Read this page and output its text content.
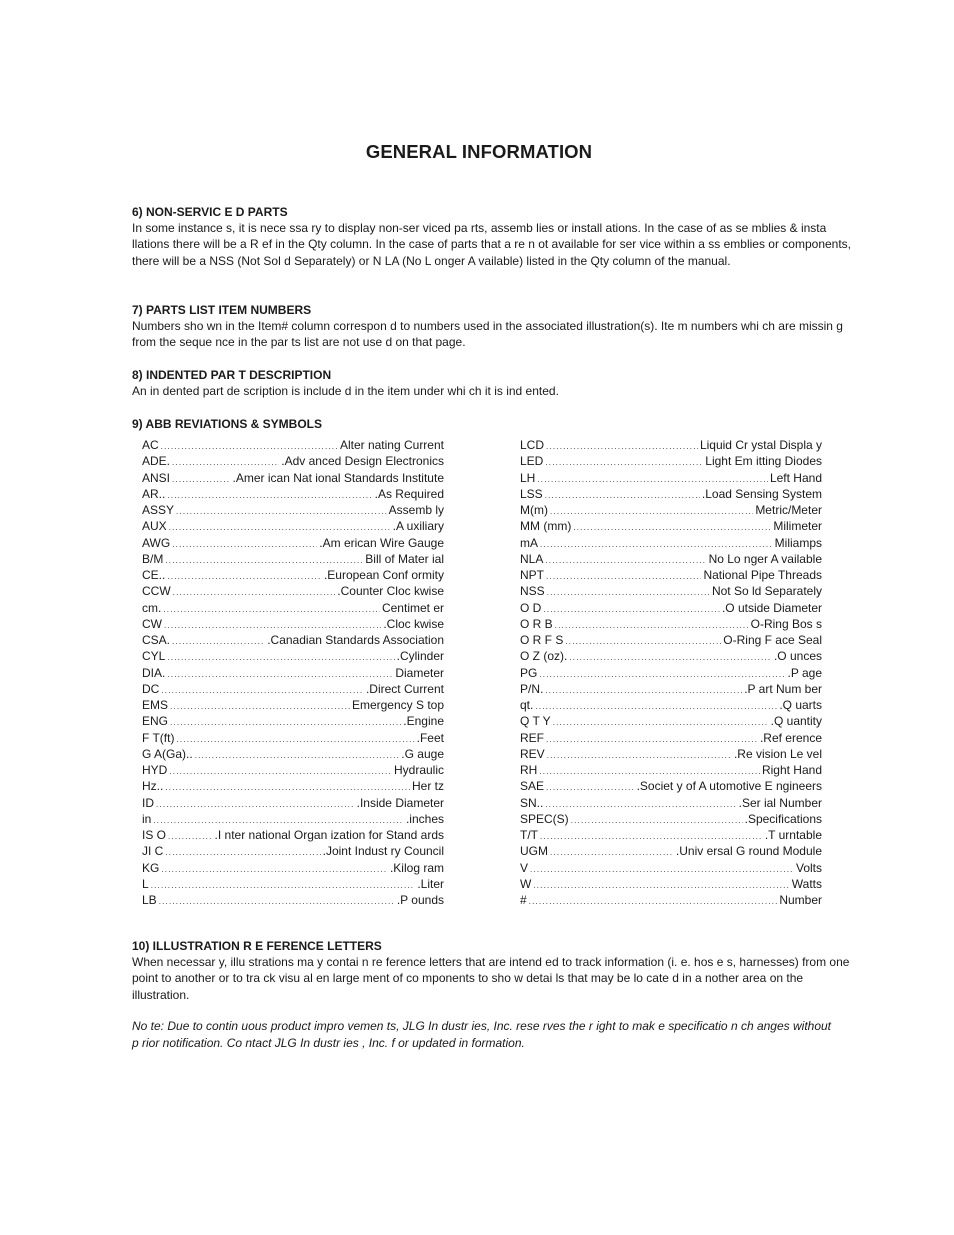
GENERAL INFORMATION
6) NON-SERVIC E D PARTS

In some instance s, it is nece ssa ry to display non-ser viced pa rts, assemb lies or install ations. In the case of as se mblies & insta llations there will be a R ef in the Qty column. In the case of parts that a re n ot available for ser vice within a ss emblies or components, there will be a NSS (Not Sol d Separately) or N LA (No L onger A vailable) listed in the Qty column of the manual.

7) PARTS LIST ITEM NUMBERS

Numbers sho wn in the Item# column correspon d to numbers used in the associated illustration(s). Ite m numbers whi ch are missin g from the seque nce in the par ts list are not use d on that page.

8) INDENTED PAR T DESCRIPTION

An in dented part de scription is include d in the item under whi ch it is ind ented.

9) ABB REVIATIONS & SYMBOLS
AC .....	Alter nating Current
ADE. .....	.Adv anced Design Electronics
ANSI .....	.Amer ican Nat ional Standards Institute
AR.. .....	.As Required
ASSY .....	Assemb ly
AUX .....	.A uxiliary
AWG .....	.Am erican Wire Gauge
B/M .....	Bill of Mater ial
CE.. .....	.European Conf ormity
CCW .....	.Counter Cloc kwise
cm. .....	Centimet er
CW .....	.Cloc kwise
CSA. .....	.Canadian Standards Association
CYL .....	.Cylinder
DIA. .....	Diameter
DC .....	.Direct Current
EMS .....	Emergency S top
ENG .....	.Engine
F T(ft) .....	.Feet
G A(Ga).. .....	.G auge
HYD .....	Hydraulic
Hz.. .....	Her tz
ID .....	.Inside Diameter
in .....	.inches
IS O .....	.I nter national Organ ization for Stand ards
JI C .....	.Joint Indust ry Council
KG .....	.Kilog ram
L .....	.Liter
LB .....	.P ounds
LCD .....	Liquid Cr ystal Displa y
LED .....	Light Em itting Diodes
LH .....	Left Hand
LSS .....	.Load Sensing System
M(m) .....	Metric/Meter
MM (mm) .....	Milimeter
mA .....	Miliamps
NLA .....	No Lo nger A vailable
NPT .....	National Pipe Threads
NSS .....	Not So ld Separately
O D .....	.O utside Diameter
O R B .....	O-Ring Bos s
O R F S .....	O-Ring F ace Seal
O Z (oz). .....	.O unces
PG .....	.P age
P/N. .....	.P art Num ber
qt. .....	.Q uarts
Q T Y .....	.Q uantity
REF .....	.Ref erence
REV .....	.Re vision Le vel
RH .....	Right Hand
SAE .....	.Societ y of A utomotive E ngineers
SN.. .....	.Ser ial Number
SPEC(S) .....	.Specifications
T/T .....	.T urntable
UGM .....	.Univ ersal G round Module
V .....	Volts
W .....	Watts
# .....	Number
10) ILLUSTRATION R E FERENCE LETTERS

When necessar y, illu strations ma y contai n re ference letters that are intend ed to track information (i. e. hos e s, harnesses) from one point to another or to tra ck visu al en large ment of co mponents to sho w detai ls that may be lo cate d in a nother area on the illustration.

No te: Due to contin uous product impro vemen ts, JLG In dustr ies, Inc. rese rves the r ight to mak e specificatio n ch anges without p rior notification. Co ntact JLG In dustr ies , Inc. f or updated in formation.
